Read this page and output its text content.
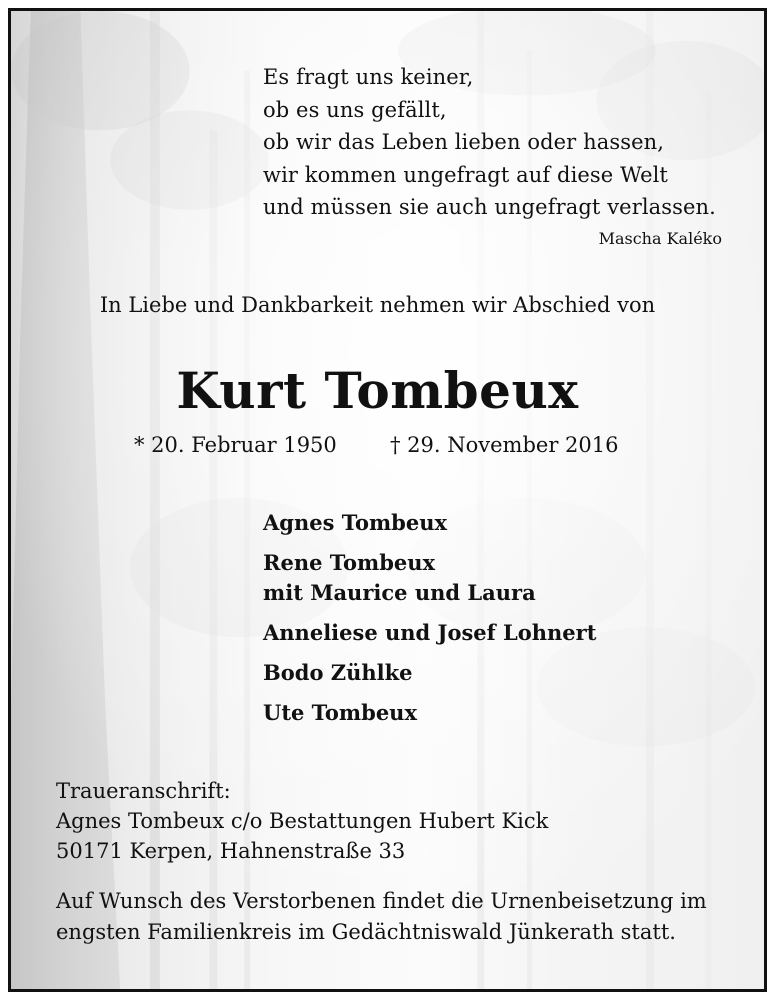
Es fragt uns keiner,
ob es uns gefällt,
ob wir das Leben lieben oder hassen,
wir kommen ungefragt auf diese Welt
und müssen sie auch ungefragt verlassen.
Mascha Kaléko
In Liebe und Dankbarkeit nehmen wir Abschied von
Kurt Tombeux
* 20. Februar 1950	† 29. November 2016
Agnes Tombeux
Rene Tombeux
mit Maurice und Laura
Anneliese und Josef Lohnert
Bodo Zühlke
Ute Tombeux
Traueranschrift:
Agnes Tombeux c/o Bestattungen Hubert Kick
50171 Kerpen, Hahnenstraße 33
Auf Wunsch des Verstorbenen findet die Urnenbeisetzung im
engsten Familienkreis im Gedächtniswald Jünkerath statt.
